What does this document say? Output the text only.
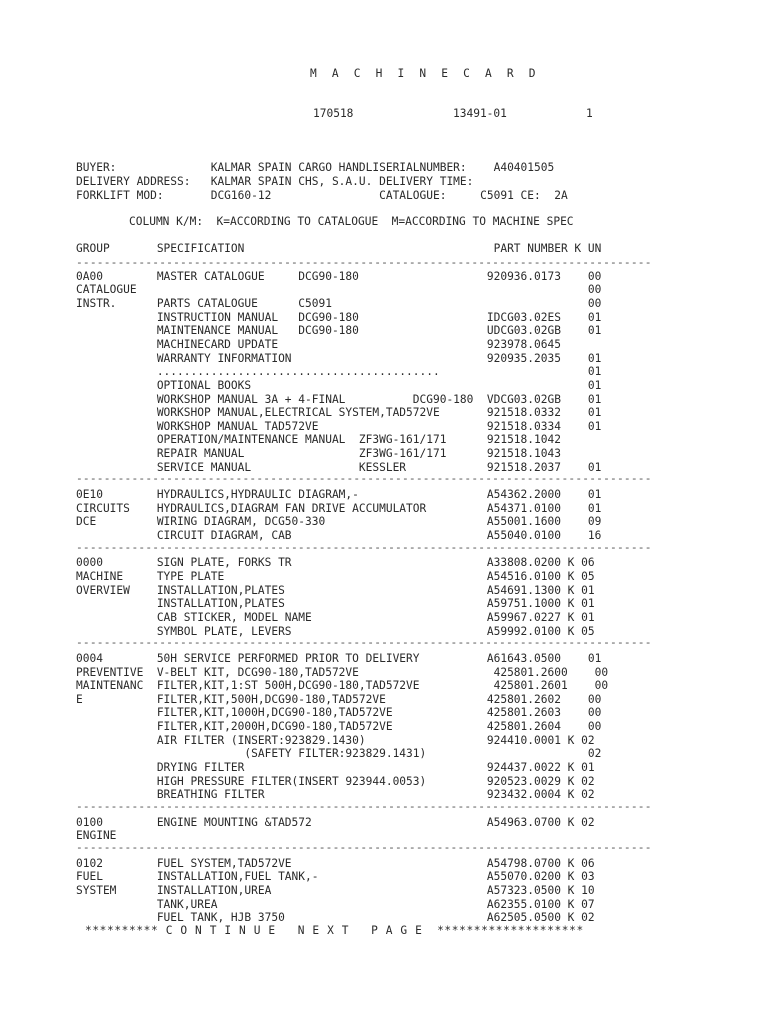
M A C H I N E C A R D
170518	13491-01	1
BUYER:              KALMAR SPAIN CARGO HANDLISERIALNUMBER:    A40401505
DELIVERY ADDRESS:   KALMAR SPAIN CHS, S.A.U. DELIVERY TIME:
FORKLIFT MOD:       DCG160-12                CATALOGUE:     C5091 CE:  2A
COLUMN K/M:  K=ACCORDING TO CATALOGUE  M=ACCORDING TO MACHINE SPEC
GROUP       SPECIFICATION                                     PART NUMBER K UN
-----------------------------------------------------------------------------------
0A00        MASTER CATALOGUE     DCG90-180                   920936.0173    00
CATALOGUE                                                                   00
INSTR.      PARTS CATALOGUE      C5091                                      00
INSTRUCTION MANUAL   DCG90-180                   IDCG03.02ES    01
MAINTENANCE MANUAL   DCG90-180                   UDCG03.02GB    01
MACHINECARD UPDATE                               923978.0645
WARRANTY INFORMATION                             920935.2035    01
..........................................                      01
OPTIONAL BOOKS                                                  01
WORKSHOP MANUAL 3A + 4-FINAL          DCG90-180  VDCG03.02GB    01
WORKSHOP MANUAL,ELECTRICAL SYSTEM,TAD572VE       921518.0332    01
WORKSHOP MANUAL TAD572VE                         921518.0334    01
OPERATION/MAINTENANCE MANUAL  ZF3WG-161/171      921518.1042
REPAIR MANUAL                 ZF3WG-161/171      921518.1043
SERVICE MANUAL                KESSLER            921518.2037    01
-----------------------------------------------------------------------------------
0E10        HYDRAULICS,HYDRAULIC DIAGRAM,-                   A54362.2000    01
CIRCUITS    HYDRAULICS,DIAGRAM FAN DRIVE ACCUMULATOR         A54371.0100    01
DCE         WIRING DIAGRAM, DCG50-330                        A55001.1600    09
CIRCUIT DIAGRAM, CAB                             A55040.0100    16
-----------------------------------------------------------------------------------
0000        SIGN PLATE, FORKS TR                             A33808.0200 K 06
MACHINE     TYPE PLATE                                       A54516.0100 K 05
OVERVIEW    INSTALLATION,PLATES                              A54691.1300 K 01
INSTALLATION,PLATES                              A59751.1000 K 01
CAB STICKER, MODEL NAME                          A59967.0227 K 01
SYMBOL PLATE, LEVERS                             A59992.0100 K 05
-----------------------------------------------------------------------------------
0004        50H SERVICE PERFORMED PRIOR TO DELIVERY          A61643.0500    01
PREVENTIVE  V-BELT KIT, DCG90-180,TAD572VE                    425801.2600    00
MAINTENANC  FILTER,KIT,1:ST 500H,DCG90-180,TAD572VE           425801.2601    00
E           FILTER,KIT,500H,DCG90-180,TAD572VE               425801.2602    00
FILTER,KIT,1000H,DCG90-180,TAD572VE              425801.2603    00
FILTER,KIT,2000H,DCG90-180,TAD572VE              425801.2604    00
AIR FILTER (INSERT:923829.1430)                  924410.0001 K 02
(SAFETY FILTER:923829.1431)                        02
DRYING FILTER                                    924437.0022 K 01
HIGH PRESSURE FILTER(INSERT 923944.0053)         920523.0029 K 02
BREATHING FILTER                                 923432.0004 K 02
-----------------------------------------------------------------------------------
0100        ENGINE MOUNTING &TAD572                          A54963.0700 K 02
ENGINE
-----------------------------------------------------------------------------------
0102        FUEL SYSTEM,TAD572VE                             A54798.0700 K 06
FUEL        INSTALLATION,FUEL TANK,-                         A55070.0200 K 03
SYSTEM      INSTALLATION,UREA                                A57323.0500 K 10
TANK,UREA                                        A62355.0100 K 07
FUEL TANK, HJB 3750                              A62505.0500 K 02
********** C O N T I N U E   N E X T   P A G E  ********************
